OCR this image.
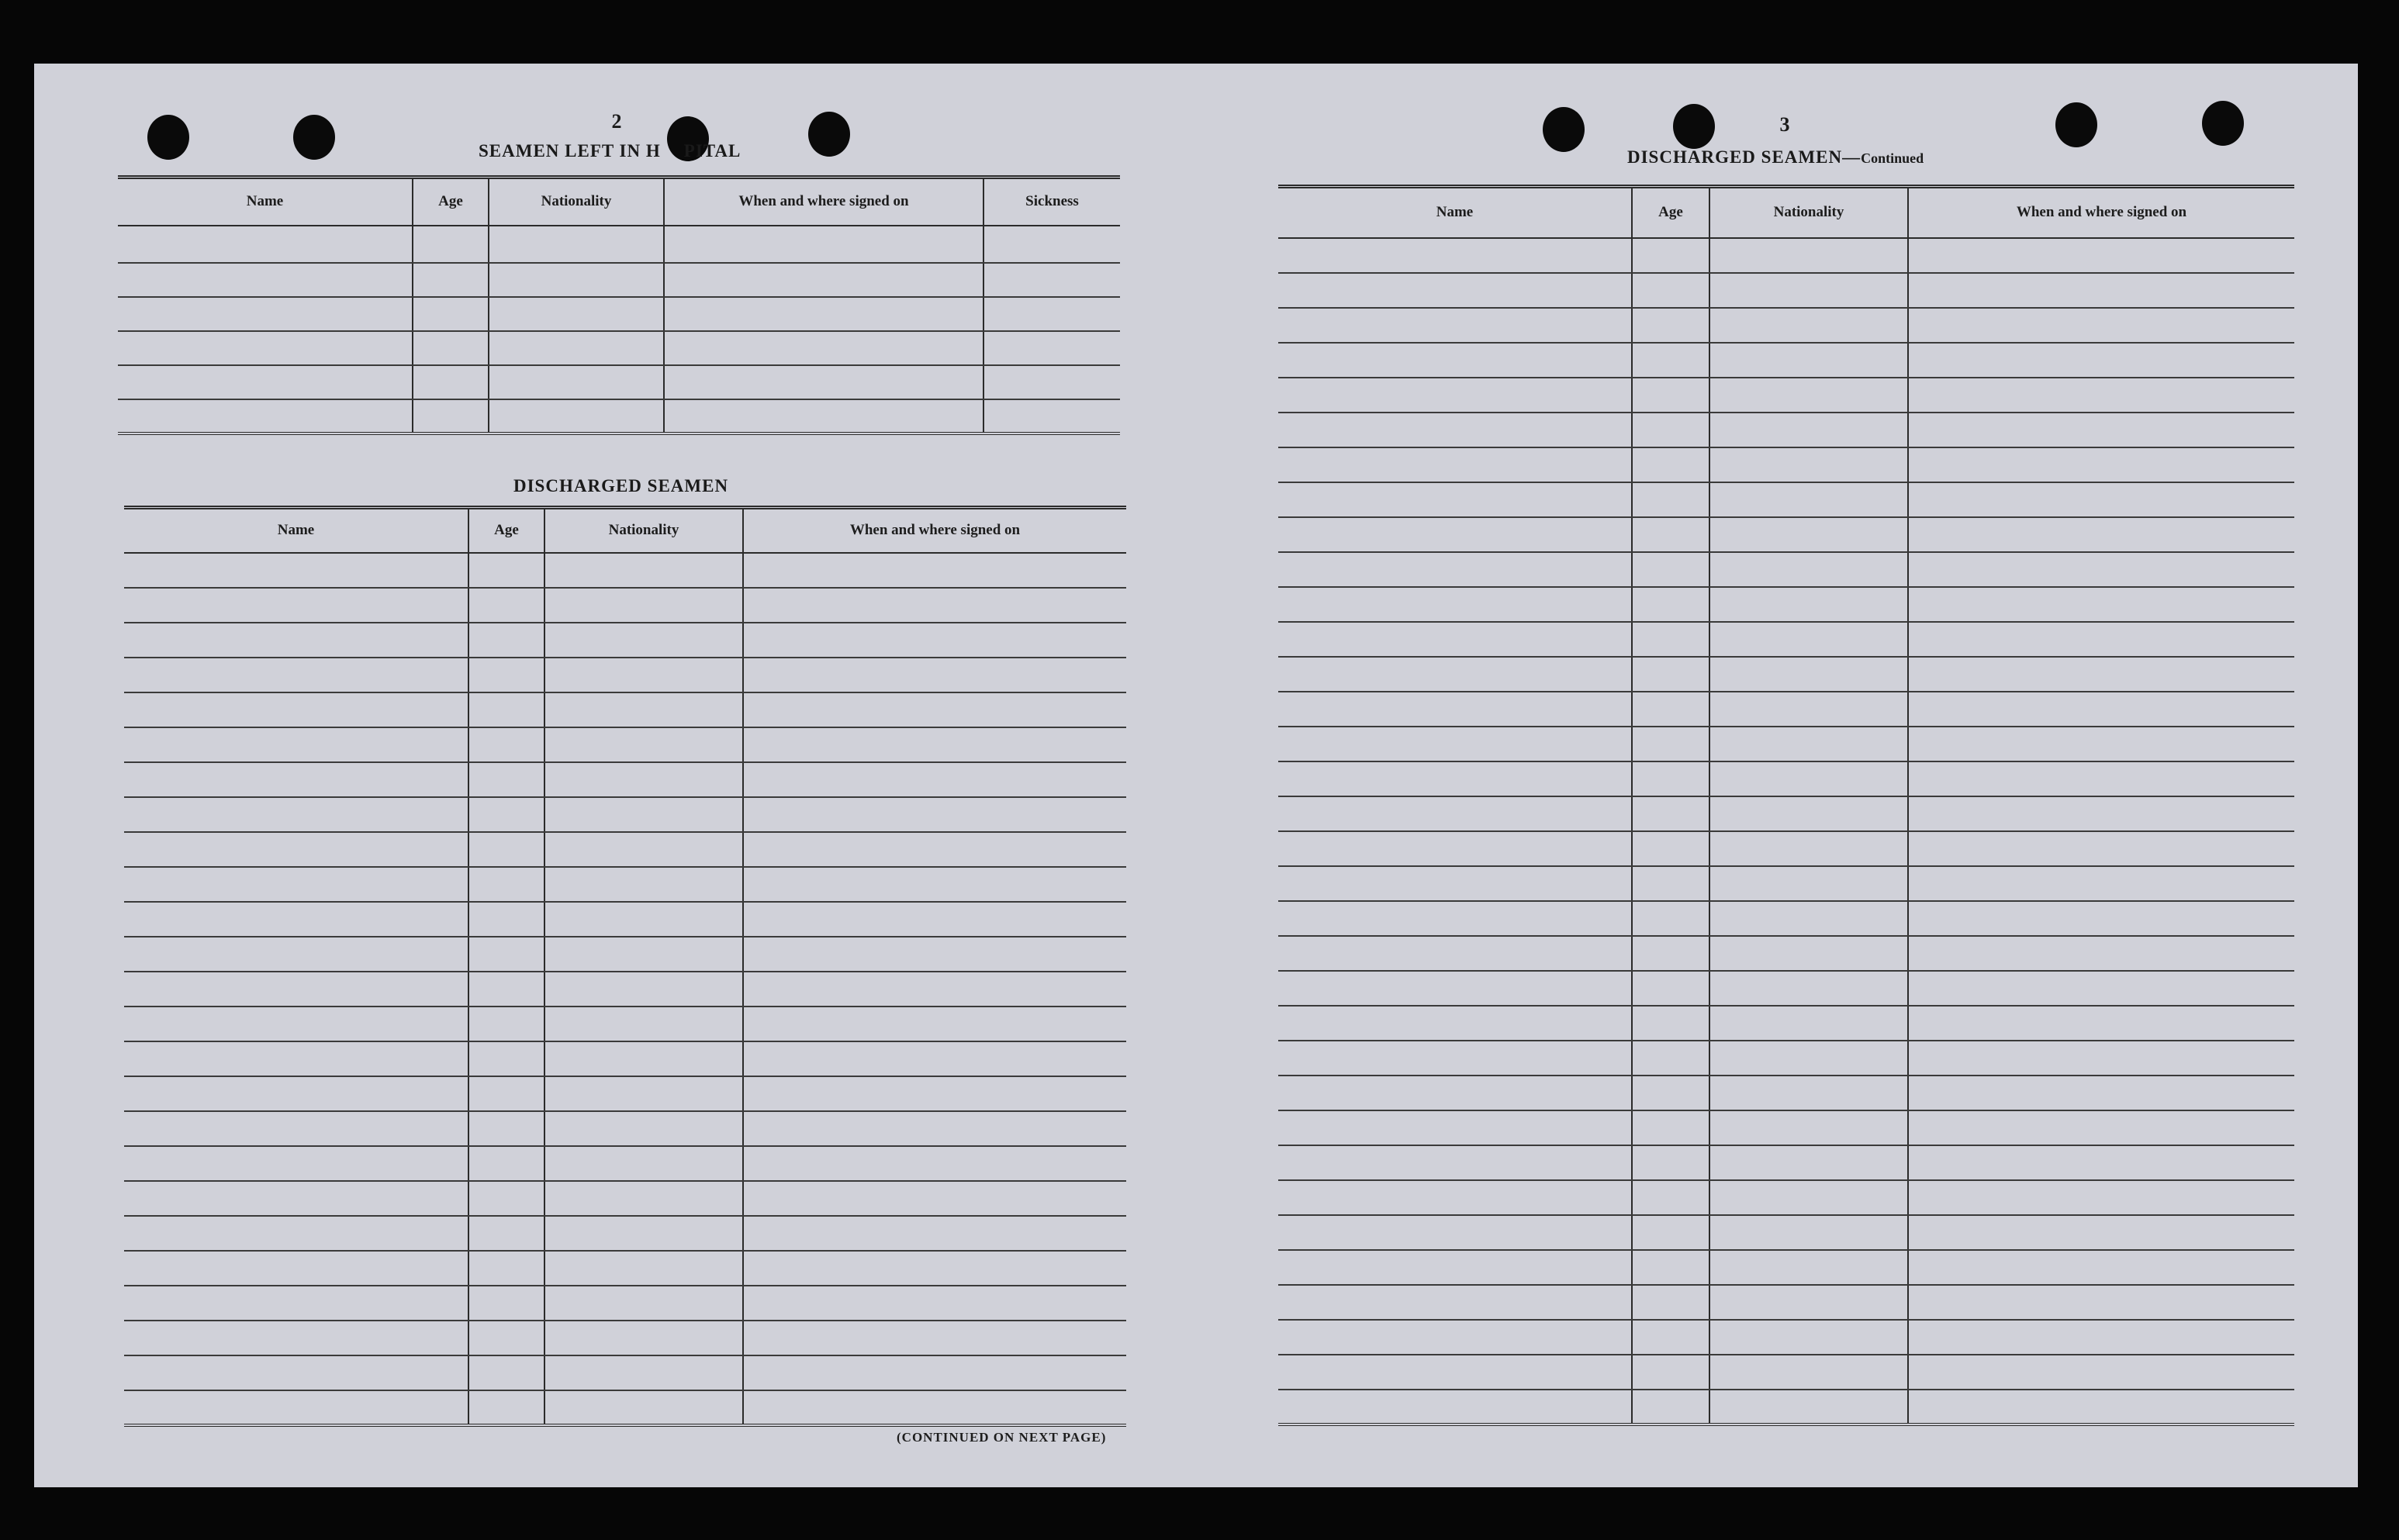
2
SEAMEN LEFT IN H PITAL
Name	Age	Nationality	When and where signed on	Sickness

DISCHARGED SEAMEN
Name	Age	Nationality	When and where signed on

(CONTINUED ON NEXT PAGE)
3
DISCHARGED SEAMEN—Continued
Name	Age	Nationality	When and where signed on
